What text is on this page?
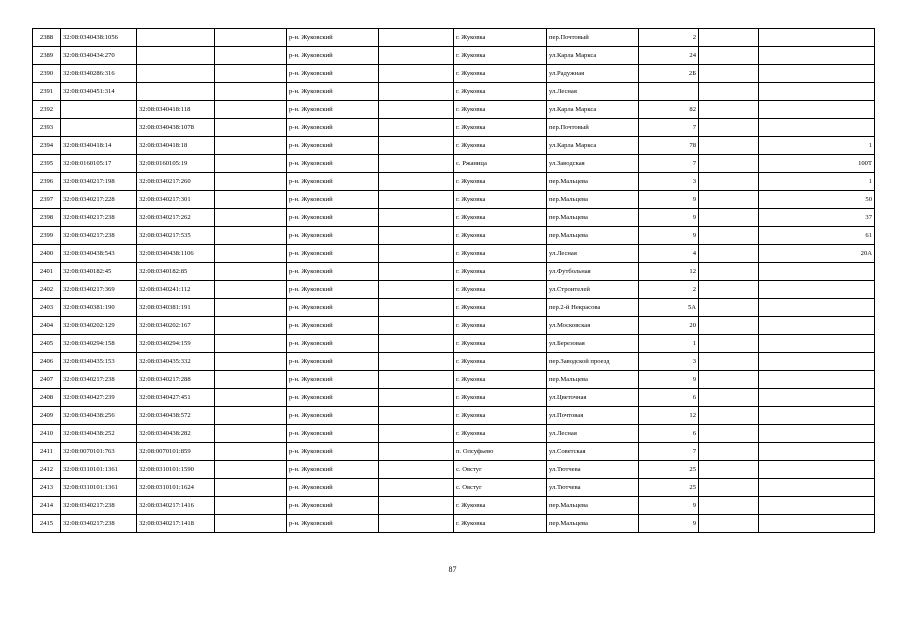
2388	32:08:0340438:1056			р-н. Жуковский		г. Жуковка	пер.Почтовый	2		
2389	32:08:0340434:270			р-н. Жуковский		г. Жуковка	ул.Карла Маркса	24		
2390	32:08:0340286:316			р-н. Жуковский		г. Жуковка	ул.Радужная	2Б		
2391	32:08:0340451:314			р-н. Жуковский		г. Жуковка	ул.Лесная			
2392		32:08:0340418:118		р-н. Жуковский		г. Жуковка	ул.Карла Маркса	82		
2393		32:08:0340438:1078		р-н. Жуковский		г. Жуковка	пер.Почтовый	7		
2394	32:08:0340418:14	32:08:0340418:18		р-н. Жуковский		г. Жуковка	ул.Карла Маркса	78		1
2395	32:08:0160105:17	32:08:0160105:19		р-н. Жуковский		с. Ржаница	ул.Заводская	7		100Т
2396	32:08:0340217:198	32:08:0340217:260		р-н. Жуковский		г. Жуковка	пер.Мальцева	3		1
2397	32:08:0340217:228	32:08:0340217:301		р-н. Жуковский		г. Жуковка	пер.Мальцева	9		50
2398	32:08:0340217:238	32:08:0340217:262		р-н. Жуковский		г. Жуковка	пер.Мальцева	9		37
2399	32:08:0340217:238	32:08:0340217:535		р-н. Жуковский		г. Жуковка	пер.Мальцева	9		61
2400	32:08:0340438:543	32:08:0340438:1106		р-н. Жуковский		г. Жуковка	ул.Лесная	4		20А
2401	32:08:0340182:45	32:08:0340182:85		р-н. Жуковский		г. Жуковка	ул.Футбольная	12		
2402	32:08:0340217:369	32:08:0340241:112		р-н. Жуковский		г. Жуковка	ул.Строителей	2		
2403	32:08:0340381:190	32:08:0340381:191		р-н. Жуковский		г. Жуковка	пер.2-й Некрасова	5А		
2404	32:08:0340202:129	32:08:0340202:167		р-н. Жуковский		г. Жуковка	ул.Московская	20		
2405	32:08:0340294:158	32:08:0340294:159		р-н. Жуковский		г. Жуковка	ул.Березовая	1		
2406	32:08:0340435:153	32:08:0340435:332		р-н. Жуковский		г. Жуковка	пер.Заводской проезд	3		
2407	32:08:0340217:238	32:08:0340217:288		р-н. Жуковский		г. Жуковка	пер.Мальцева	9		
2408	32:08:0340427:239	32:08:0340427:451		р-н. Жуковский		г. Жуковка	ул.Цветочная	6		
2409	32:08:0340438:256	32:08:0340438:572		р-н. Жуковский		г. Жуковка	ул.Почтовая	12		
2410	32:08:0340438:252	32:08:0340438:282		р-н. Жуковский		г. Жуковка	ул.Лесная	6		
2411	32:08:0070101:763	32:08:0070101:859		р-н. Жуковский		п. Олсуфьево	ул.Советская	7		
2412	32:08:0310101:1361	32:08:0310101:1590		р-н. Жуковский		с. Овстуг	ул.Тютчева	25		
2413	32:08:0310101:1361	32:08:0310101:1624		р-н. Жуковский		с. Овстуг	ул.Тютчева	25		
2414	32:08:0340217:238	32:08:0340217:1416		р-н. Жуковский		г. Жуковка	пер.Мальцева	9		
2415	32:08:0340217:238	32:08:0340217:1418		р-н. Жуковский		г. Жуковка	пер.Мальцева	9		
87
